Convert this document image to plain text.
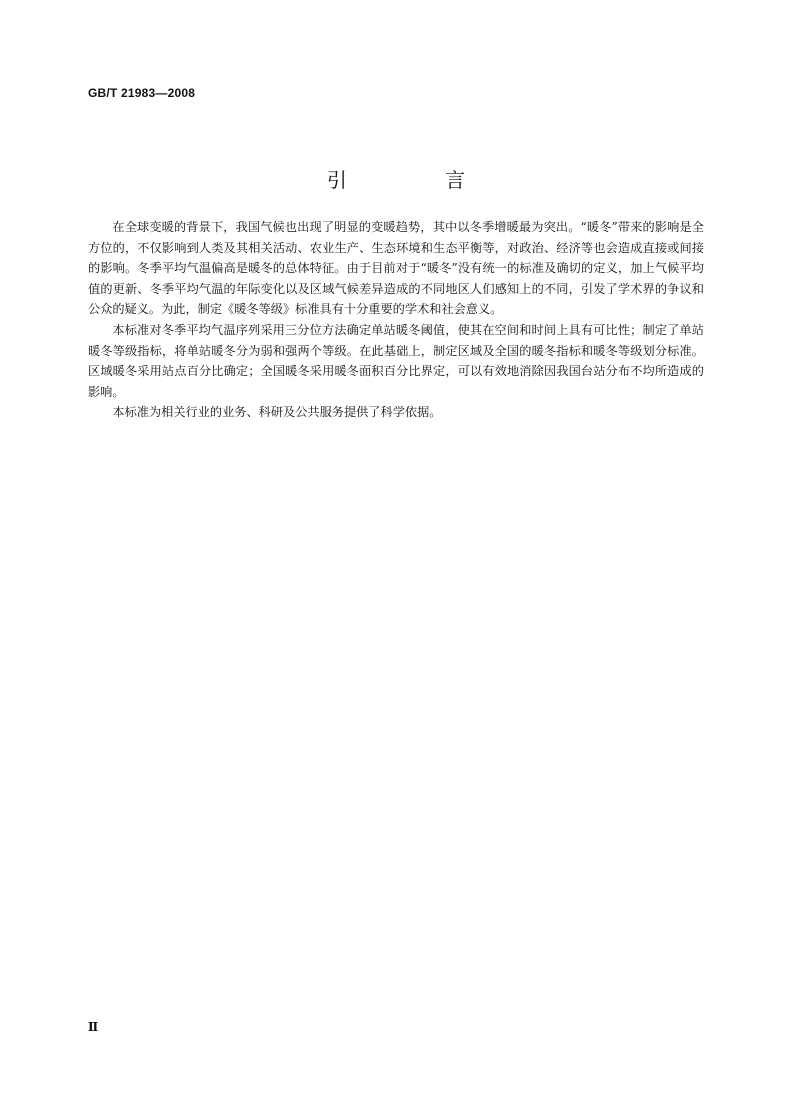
GB/T 21983—2008
引 言

在全球变暖的背景下，我国气候也出现了明显的变暖趋势，其中以冬季增暖最为突出。“暖冬”带来的影响是全方位的，不仅影响到人类及其相关活动、农业生产、生态环境和生态平衡等，对政治、经济等也会造成直接或间接的影响。冬季平均气温偏高是暖冬的总体特征。由于目前对于“暖冬”没有统一的标准及确切的定义，加上气候平均值的更新、冬季平均气温的年际变化以及区域气候差异造成的不同地区人们感知上的不同，引发了学术界的争议和公众的疑义。为此，制定《暖冬等级》标准具有十分重要的学术和社会意义。

本标准对冬季平均气温序列采用三分位方法确定单站暖冬阈值，使其在空间和时间上具有可比性；制定了单站暖冬等级指标，将单站暖冬分为弱和强两个等级。在此基础上，制定区域及全国的暖冬指标和暖冬等级划分标准。区域暖冬采用站点百分比确定；全国暖冬采用暖冬面积百分比界定，可以有效地消除因我国台站分布不均所造成的影响。

本标准为相关行业的业务、科研及公共服务提供了科学依据。

Ⅱ
